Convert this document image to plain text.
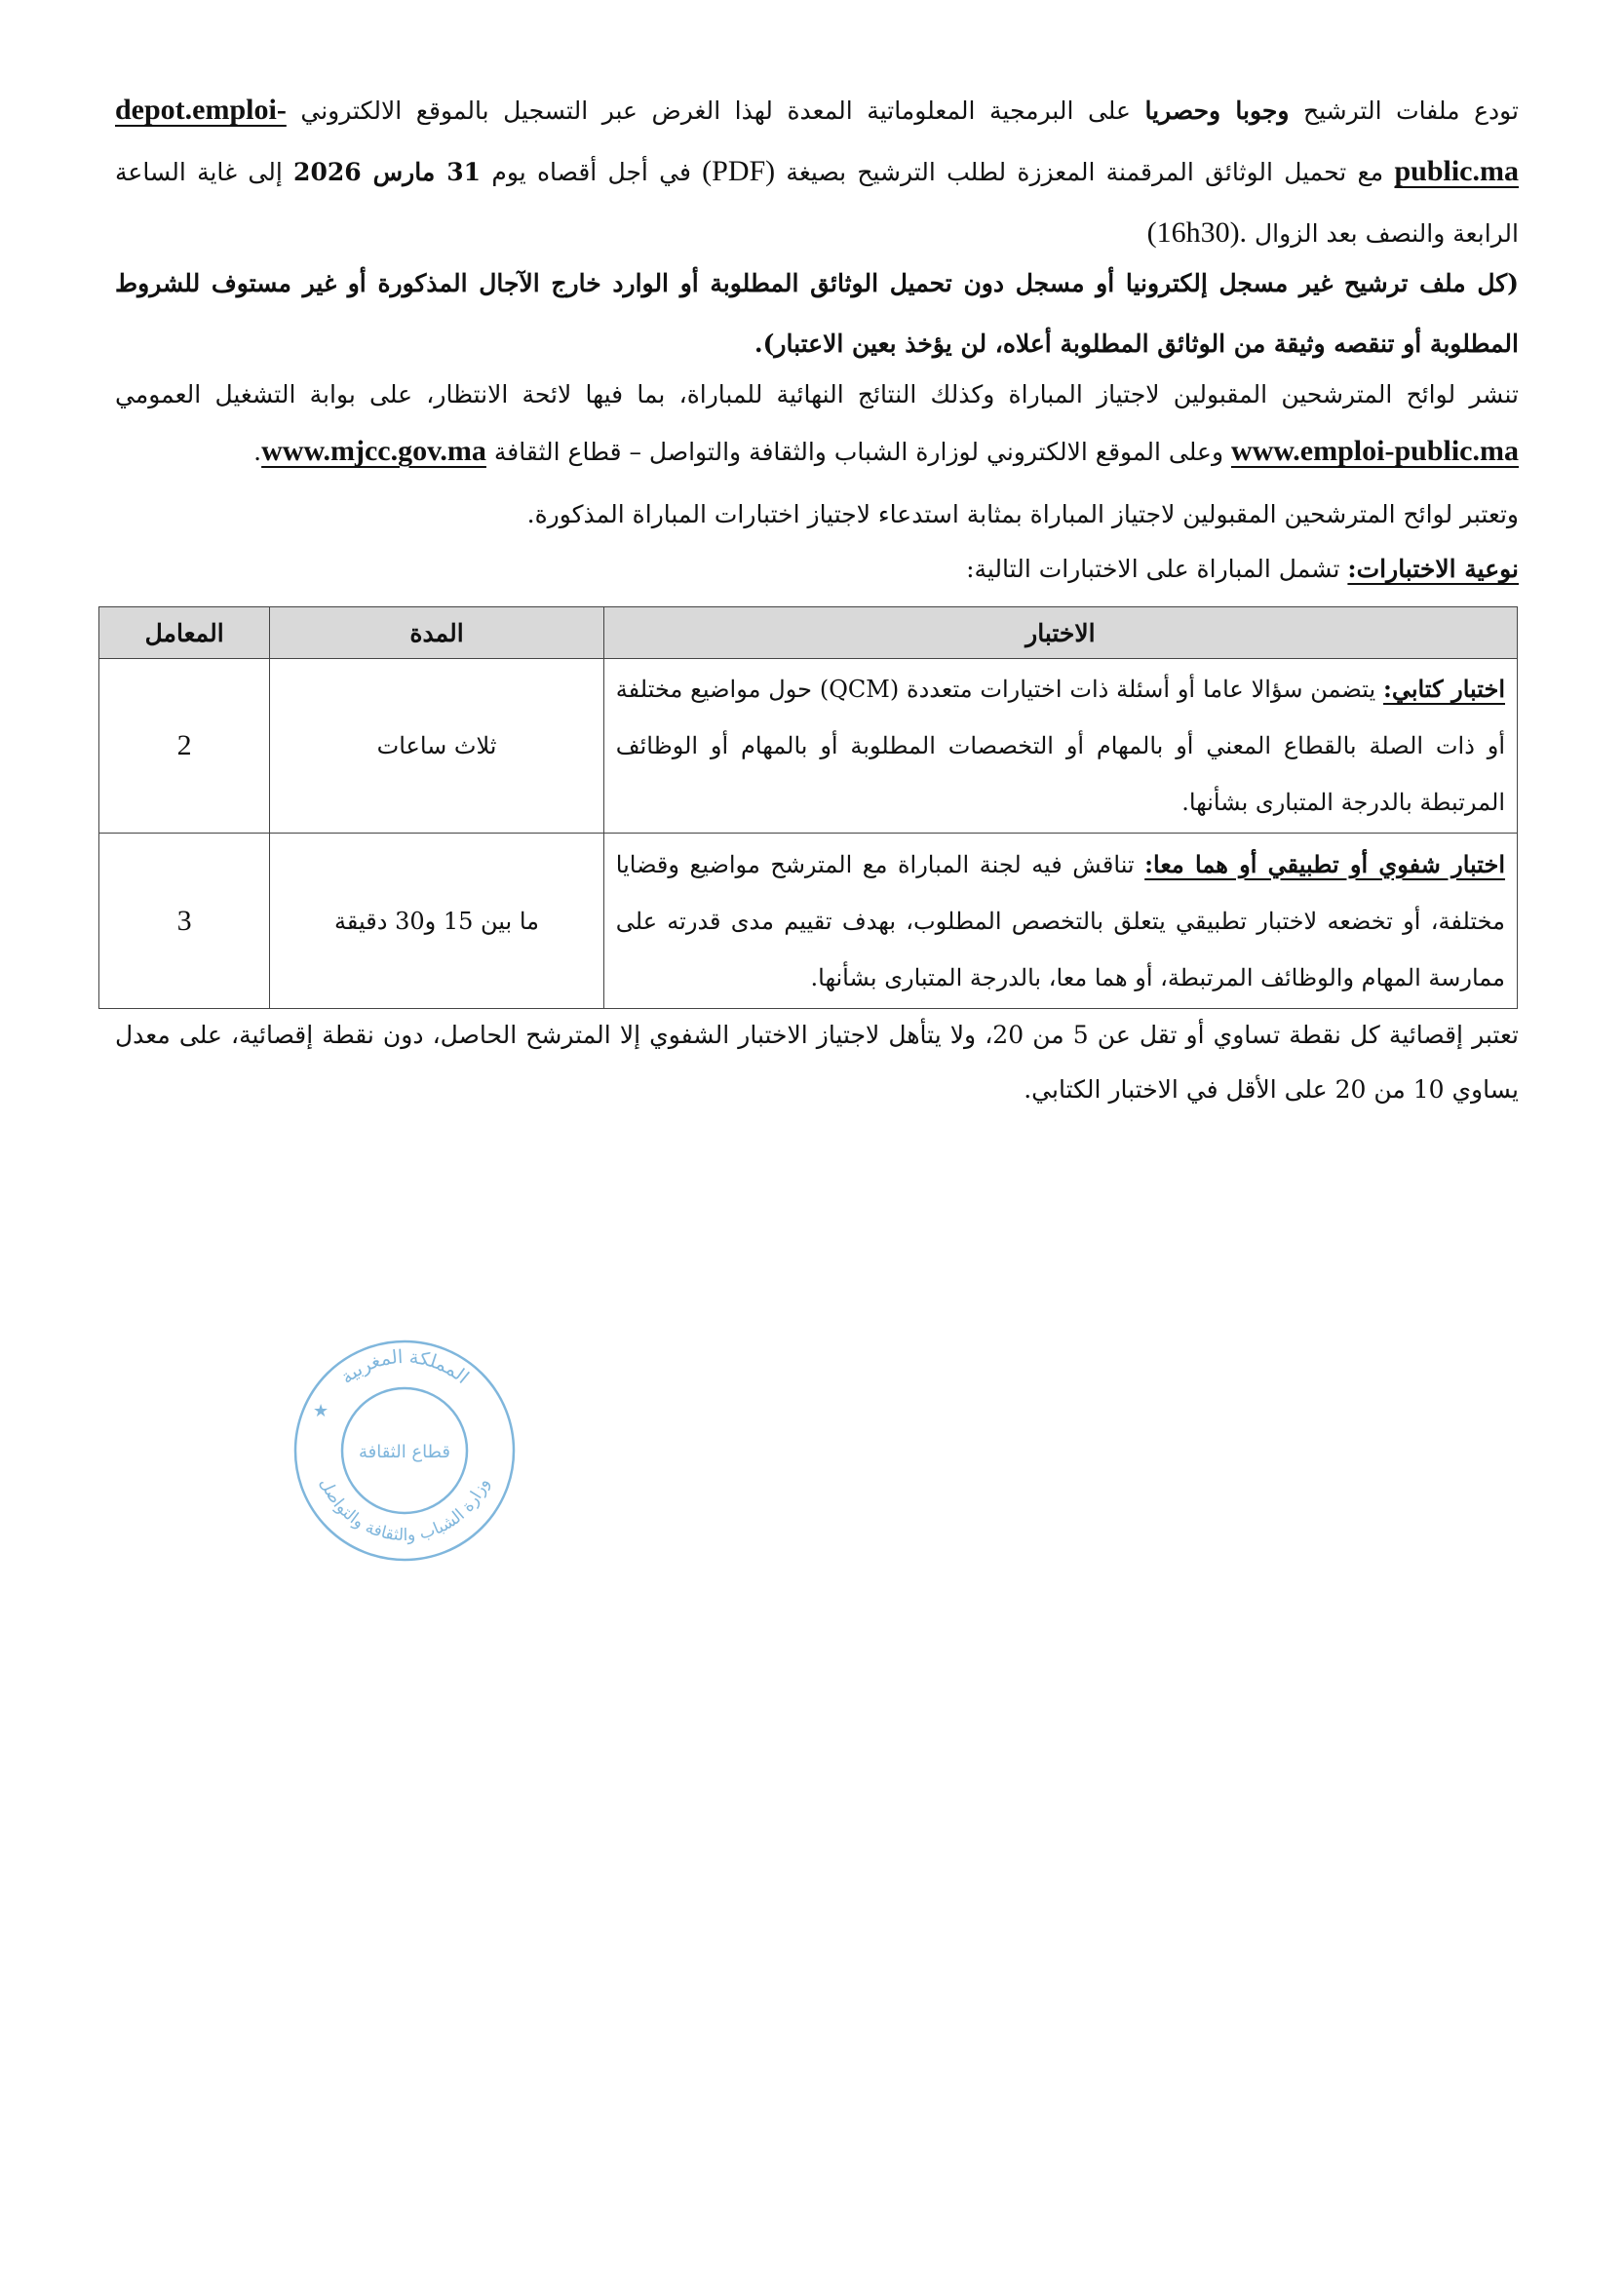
تودع ملفات الترشيح وجوبا وحصريا على البرمجية المعلوماتية المعدة لهذا الغرض عبر التسجيل بالموقع الالكتروني depot.emploi-public.ma مع تحميل الوثائق المرقمنة المعززة لطلب الترشيح بصيغة (PDF) في أجل أقصاه يوم 31 مارس 2026 إلى غاية الساعة الرابعة والنصف بعد الزوال (16h30).

(كل ملف ترشيح غير مسجل إلكترونيا أو مسجل دون تحميل الوثائق المطلوبة أو الوارد خارج الآجال المذكورة أو غير مستوف للشروط المطلوبة أو تنقصه وثيقة من الوثائق المطلوبة أعلاه، لن يؤخذ بعين الاعتبار).

تنشر لوائح المترشحين المقبولين لاجتياز المباراة وكذلك النتائج النهائية للمباراة، بما فيها لائحة الانتظار، على بوابة التشغيل العمومي www.emploi-public.ma وعلى الموقع الالكتروني لوزارة الشباب والثقافة والتواصل – قطاع الثقافة www.mjcc.gov.ma.

وتعتبر لوائح المترشحين المقبولين لاجتياز المباراة بمثابة استدعاء لاجتياز اختبارات المباراة المذكورة.

نوعية الاختبارات: تشمل المباراة على الاختبارات التالية:

الاختبار	المدة	المعامل
اختبار كتابي: يتضمن سؤالا عاما أو أسئلة ذات اختيارات متعددة (QCM) حول مواضيع مختلفة أو ذات الصلة بالقطاع المعني أو بالمهام أو التخصصات المطلوبة أو بالمهام أو الوظائف المرتبطة بالدرجة المتبارى بشأنها.	ثلاث ساعات	2
اختبار شفوي أو تطبيقي أو هما معا: تناقش فيه لجنة المباراة مع المترشح مواضيع وقضايا مختلفة، أو تخضعه لاختبار تطبيقي يتعلق بالتخصص المطلوب، بهدف تقييم مدى قدرته على ممارسة المهام والوظائف المرتبطة، أو هما معا، بالدرجة المتبارى بشأنها.	ما بين 15 و30 دقيقة	3

تعتبر إقصائية كل نقطة تساوي أو تقل عن 5 من 20، ولا يتأهل لاجتياز الاختبار الشفوي إلا المترشح الحاصل، دون نقطة إقصائية، على معدل يساوي 10 من 20 على الأقل في الاختبار الكتابي.

المملكة المغربية
وزارة الشباب والثقافة والتواصل
قطاع الثقافة
★
